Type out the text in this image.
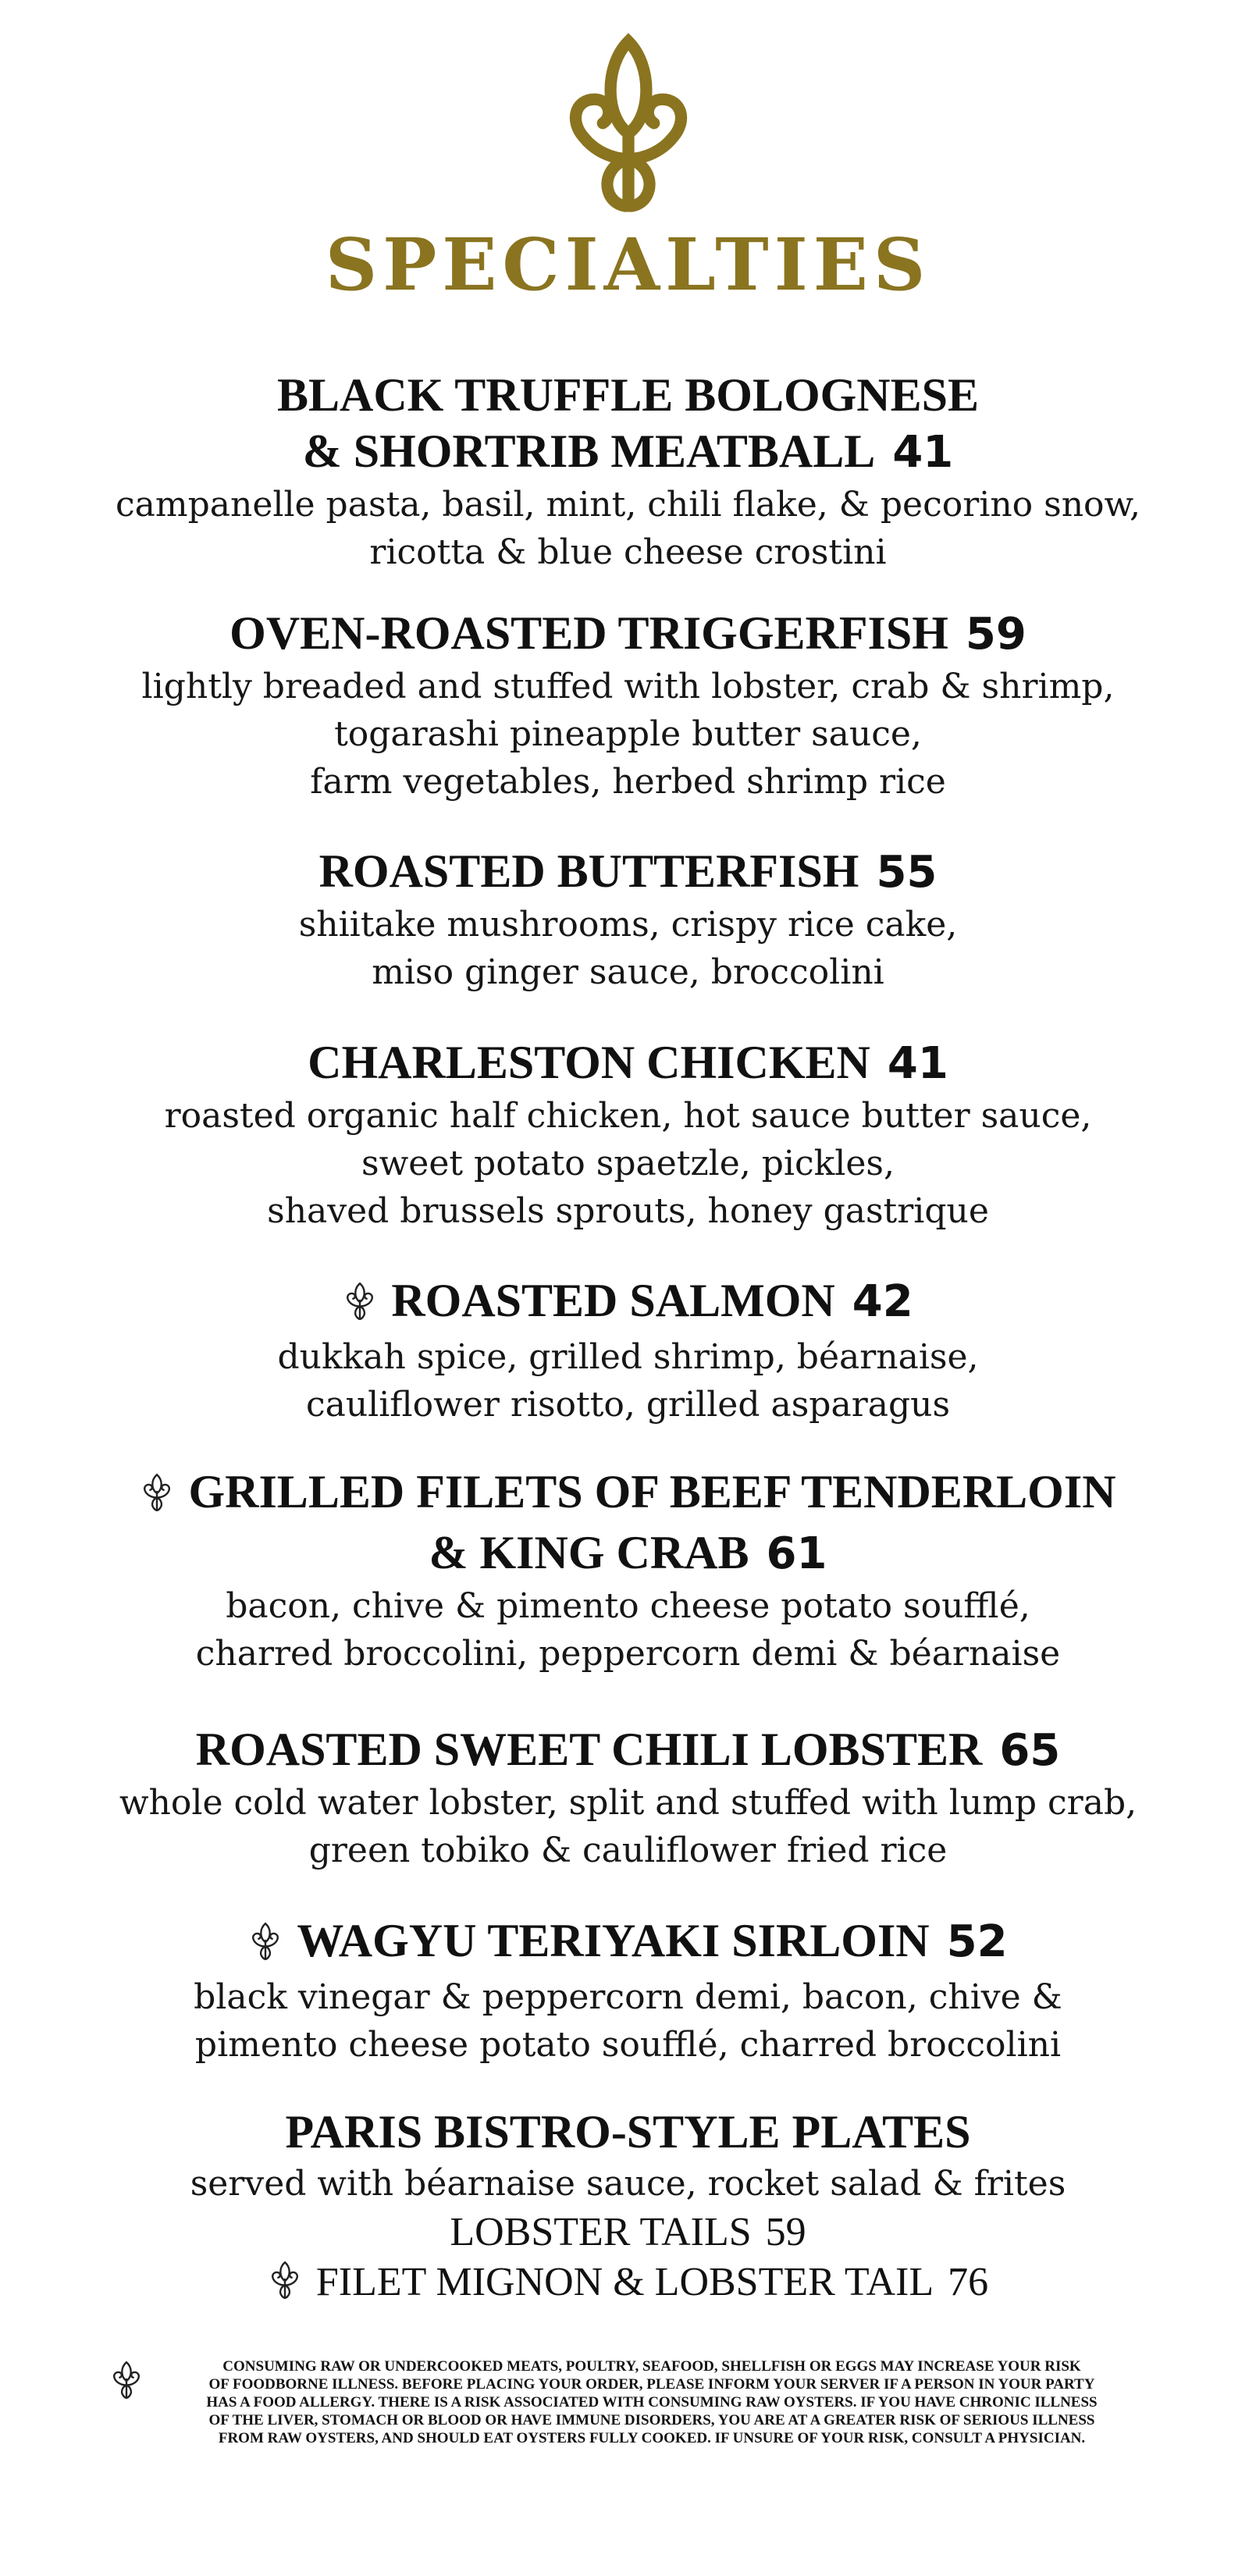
SPECIALTIES
BLACK TRUFFLE BOLOGNESE
& SHORTRIB MEATBALL 41
campanelle pasta, basil, mint, chili flake, & pecorino snow,
ricotta & blue cheese crostini
OVEN-ROASTED TRIGGERFISH 59
lightly breaded and stuffed with lobster, crab & shrimp,
togarashi pineapple butter sauce,
farm vegetables, herbed shrimp rice
ROASTED BUTTERFISH 55
shiitake mushrooms, crispy rice cake,
miso ginger sauce, broccolini
CHARLESTON CHICKEN 41
roasted organic half chicken, hot sauce butter sauce,
sweet potato spaetzle, pickles,
shaved brussels sprouts, honey gastrique
ROASTED SALMON 42
dukkah spice, grilled shrimp, béarnaise,
cauliflower risotto, grilled asparagus
GRILLED FILETS OF BEEF TENDERLOIN
& KING CRAB 61
bacon, chive & pimento cheese potato soufflé,
charred broccolini, peppercorn demi & béarnaise
ROASTED SWEET CHILI LOBSTER 65
whole cold water lobster, split and stuffed with lump crab,
green tobiko & cauliflower fried rice
WAGYU TERIYAKI SIRLOIN 52
black vinegar & peppercorn demi, bacon, chive &
pimento cheese potato soufflé, charred broccolini
PARIS BISTRO-STYLE PLATES
served with béarnaise sauce, rocket salad & frites
LOBSTER TAILS 59
FILET MIGNON & LOBSTER TAIL 76
CONSUMING RAW OR UNDERCOOKED MEATS, POULTRY, SEAFOOD, SHELLFISH OR EGGS MAY INCREASE YOUR RISK
OF FOODBORNE ILLNESS. BEFORE PLACING YOUR ORDER, PLEASE INFORM YOUR SERVER IF A PERSON IN YOUR PARTY
HAS A FOOD ALLERGY. THERE IS A RISK ASSOCIATED WITH CONSUMING RAW OYSTERS. IF YOU HAVE CHRONIC ILLNESS
OF THE LIVER, STOMACH OR BLOOD OR HAVE IMMUNE DISORDERS, YOU ARE AT A GREATER RISK OF SERIOUS ILLNESS
FROM RAW OYSTERS, AND SHOULD EAT OYSTERS FULLY COOKED. IF UNSURE OF YOUR RISK, CONSULT A PHYSICIAN.
